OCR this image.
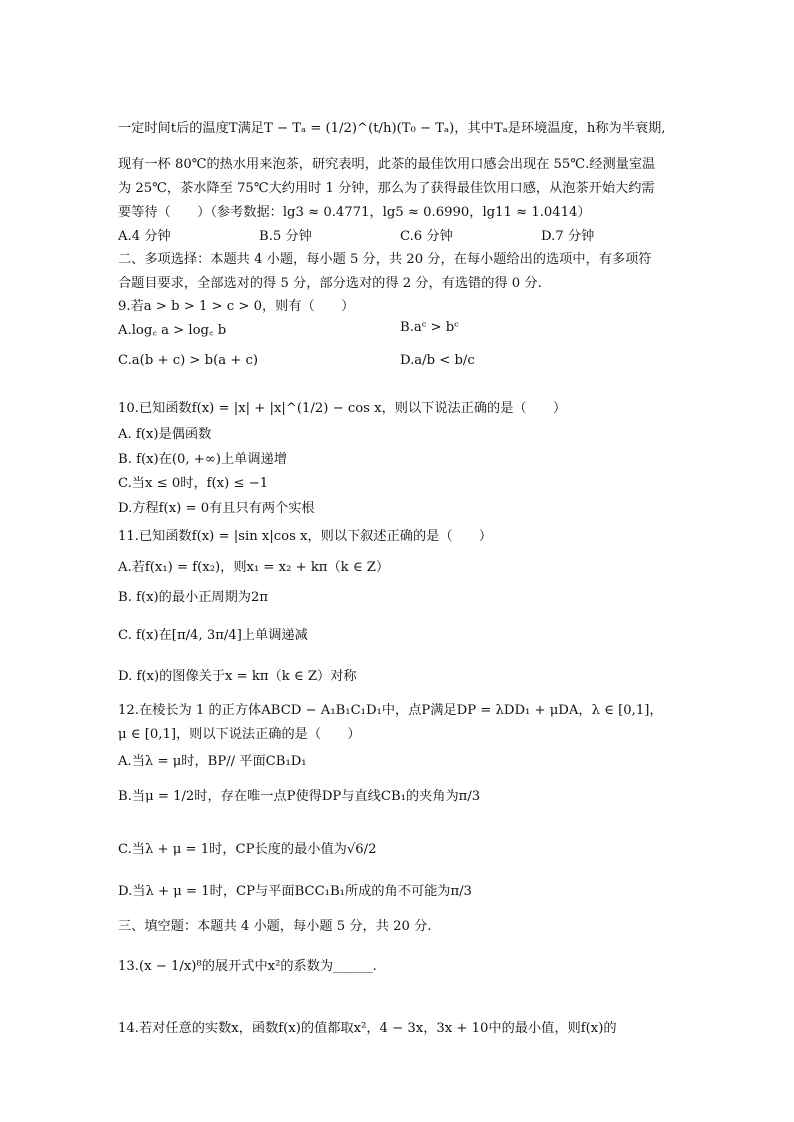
一定时间t后的温度T满足T − Tₐ = (1/2)^(t/h)(T₀ − Tₐ)，其中Tₐ是环境温度，h称为半衰期,
现有一杯 80℃的热水用来泡茶，研究表明，此茶的最佳饮用口感会出现在 55℃.经测量室温
为 25℃，茶水降至 75℃大约用时 1 分钟，那么为了获得最佳饮用口感，从泡茶开始大约需
要等待（　　）（参考数据：lg3 ≈ 0.4771，lg5 ≈ 0.6990，lg11 ≈ 1.0414）
A.4 分钟	B.5 分钟	C.6 分钟	D.7 分钟
二、多项选择：本题共 4 小题，每小题 5 分，共 20 分，在每小题给出的选项中，有多项符
合题目要求，全部选对的得 5 分，部分选对的得 2 分，有选错的得 0 分.
9.若a > b > 1 > c > 0，则有（　　）
A.log꜀ a > log꜀ b	B.aᶜ > bᶜ
C.a(b + c) > b(a + c)	D.a/b < b/c
10.已知函数f(x) = |x| + |x|^(1/2) − cos x，则以下说法正确的是（　　）
A. f(x)是偶函数
B. f(x)在(0, +∞)上单调递增
C.当x ≤ 0时，f(x) ≤ −1
D.方程f(x) = 0有且只有两个实根
11.已知函数f(x) = |sin x|cos x，则以下叙述正确的是（　　）
A.若f(x₁) = f(x₂)，则x₁ = x₂ + kπ（k ∈ Z）
B. f(x)的最小正周期为2π
C. f(x)在[π/4, 3π/4]上单调递减
D. f(x)的图像关于x = kπ（k ∈ Z）对称
12.在棱长为 1 的正方体ABCD − A₁B₁C₁D₁中，点P满足DP = λDD₁ + μDA，λ ∈ [0,1]，
μ ∈ [0,1]，则以下说法正确的是（　　）
A.当λ = μ时，BP// 平面CB₁D₁
B.当μ = 1/2时，存在唯一点P使得DP与直线CB₁的夹角为π/3
C.当λ + μ = 1时，CP长度的最小值为√6/2
D.当λ + μ = 1时，CP与平面BCC₁B₁所成的角不可能为π/3
三、填空题：本题共 4 小题，每小题 5 分，共 20 分.
13.(x − 1/x)⁸的展开式中x²的系数为______.
14.若对任意的实数x，函数f(x)的值都取x²，4 − 3x，3x + 10中的最小值，则f(x)的
